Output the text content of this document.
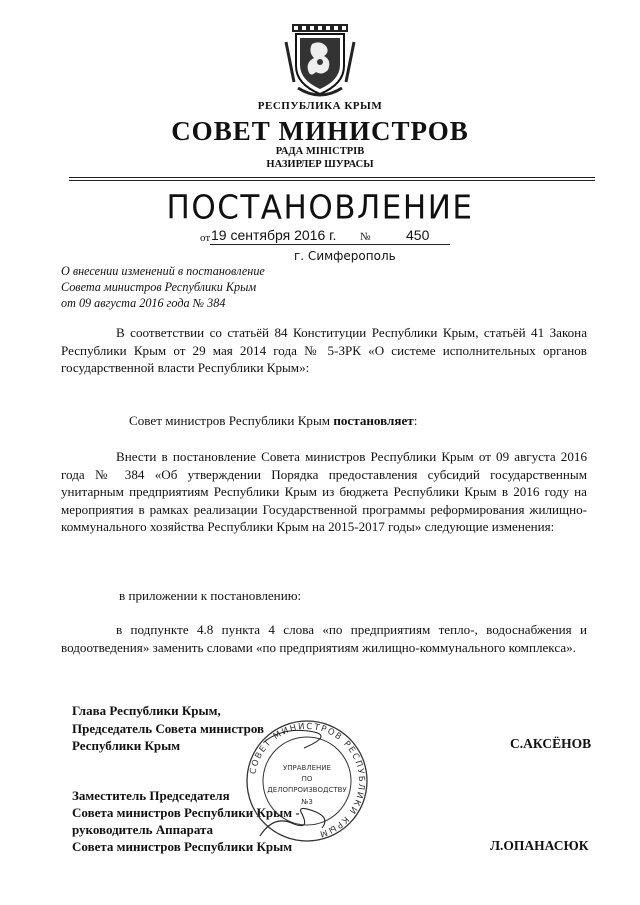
РЕСПУБЛИКА КРЫМ
СОВЕТ МИНИСТРОВ
РАДА МІНІСТРІВ
НАЗИРЛЕР ШУРАСЫ
ПОСТАНОВЛЕНИЕ
от 19 сентября 2016 г. №	450
г. Симферополь
О внесении изменений в постановление
Совета министров Республики Крым
от 09 августа 2016 года № 384
В соответствии со статьёй 84 Конституции Республики Крым, статьёй 41 Закона Республики Крым от 29 мая 2014 года № 5-ЗРК «О системе исполнительных органов государственной власти Республики Крым»:
Совет министров Республики Крым постановляет:
Внести в постановление Совета министров Республики Крым от 09 августа 2016 года № 384 «Об утверждении Порядка предоставления субсидий государственным унитарным предприятиям Республики Крым из бюджета Республики Крым в 2016 году на мероприятия в рамках реализации Государственной программы реформирования жилищно-коммунального хозяйства Республики Крым на 2015-2017 годы» следующие изменения:
в приложении к постановлению:
в подпункте 4.8 пункта 4 слова «по предприятиям тепло-, водоснабжения и водоотведения» заменить словами «по предприятиям жилищно-коммунального комплекса».
Глава Республики Крым,
Председатель Совета министров
Республики Крым	С.АКСЁНОВ
Заместитель Председателя
Совета министров Республики Крым -
руководитель Аппарата
Совета министров Республики Крым	Л.ОПАНАСЮК
СОВЕТ МИНИСТРОВ РЕСПУБЛИКИ КРЫМ
УПРАВЛЕНИЕ
ПО
ДЕЛОПРОИЗВОДСТВУ
№3
